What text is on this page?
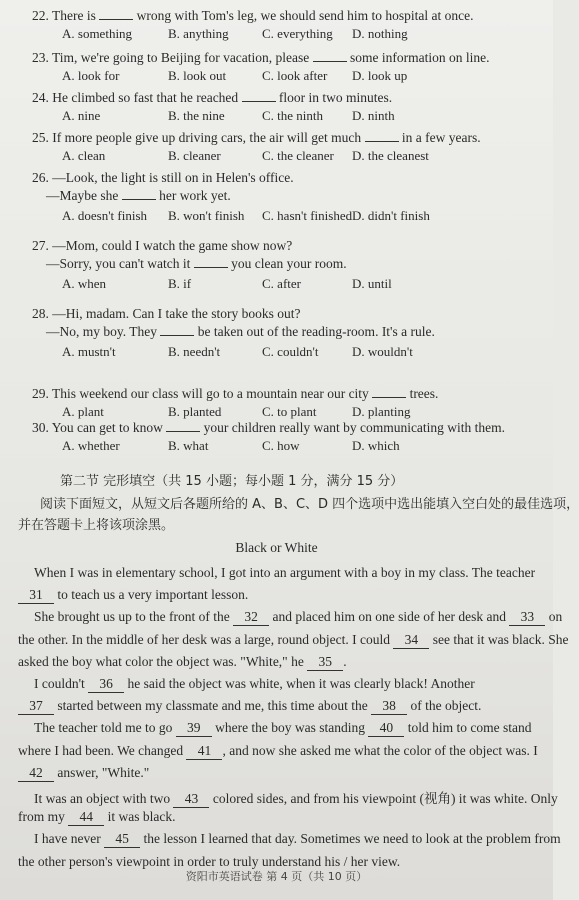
22. There is	wrong with Tom's leg, we should send him to hospital at once.
A. something	B. anything	C. everything D. nothing
23. Tim, we're going to Beijing for vacation, please	some information on line.
A. look for	B. look out	C. look after D. look up
24. He climbed so fast that he reached	floor in two minutes.
A. nine	B. the nine	C. the ninth D. ninth
25. If more people give up driving cars, the air will get much	in a few years.
A. clean	B. cleaner	C. the cleaner D. the cleanest
26. —Look, the light is still on in Helen's office.
—Maybe she	her work yet.
A. doesn't finish B. won't finish C. hasn't finished D. didn't finish
27. —Mom, could I watch the game show now?
—Sorry, you can't watch it	you clean your room.
A. when	B. if	C. after	D. until
28. —Hi, madam. Can I take the story books out?
—No, my boy. They	be taken out of the reading-room. It's a rule.
A. mustn't	B. needn't	C. couldn't	D. wouldn't
29. This weekend our class will go to a mountain near our city	trees.
A. plant	B. planted	C. to plant	D. planting
30. You can get to know	your children really want by communicating with them.
A. whether	B. what	C. how	D. which
第二节 完形填空（共 15 小题；每小题 1 分，满分 15 分）
阅读下面短文，从短文后各题所给的 A、B、C、D 四个选项中选出能填入空白处的最佳选项，
并在答题卡上将该项涂黑。
Black or White
When I was in elementary school, I got into an argument with a boy in my class. The teacher
31 to teach us a very important lesson.
She brought us up to the front of the 32 and placed him on one side of her desk and 33 on
the other. In the middle of her desk was a large, round object. I could 34 see that it was black. She
asked the boy what color the object was. "White," he 35 .
I couldn't 36 he said the object was white, when it was clearly black! Another
37 started between my classmate and me, this time about the 38 of the object.
The teacher told me to go 39 where the boy was standing 40 told him to come stand
where I had been. We changed 41 , and now she asked me what the color of the object was. I
42 answer, "White."
It was an object with two 43 colored sides, and from his viewpoint (视角) it was white. Only
from my 44 it was black.
I have never 45 the lesson I learned that day. Sometimes we need to look at the problem from
the other person's viewpoint in order to truly understand his / her view.
资阳市英语试卷 第 4 页（共 10 页）
